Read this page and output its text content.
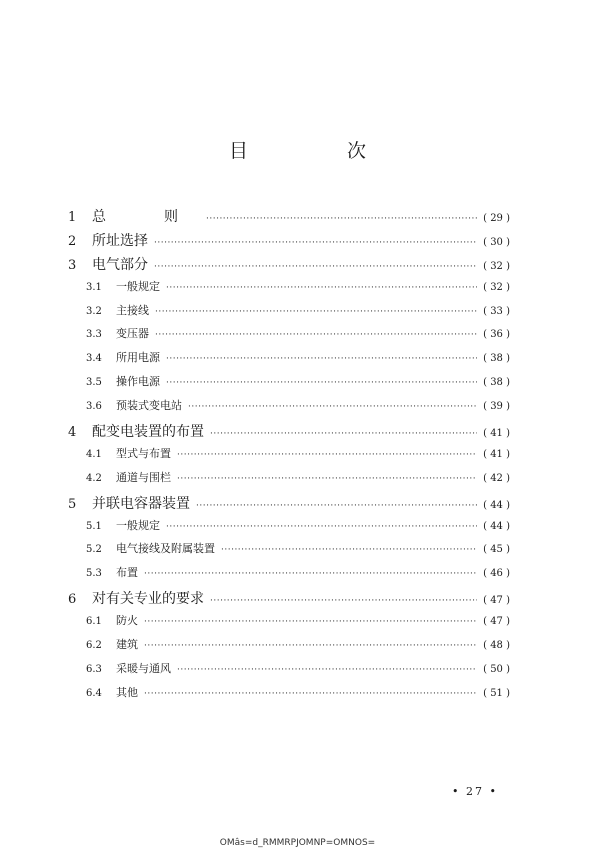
目　次
1	总　则 ·····	( 29 )
2	所址选择 ·····	( 30 )
3	电气部分 ·····	( 32 )
3.1	一般规定 ·····	( 32 )
3.2	主接线 ·····	( 33 )
3.3	变压器 ·····	( 36 )
3.4	所用电源 ·····	( 38 )
3.5	操作电源 ·····	( 38 )
3.6	预装式变电站 ·····	( 39 )
4	配变电装置的布置 ·····	( 41 )
4.1	型式与布置 ·····	( 41 )
4.2	通道与围栏 ·····	( 42 )
5	并联电容器装置 ·····	( 44 )
5.1	一般规定 ·····	( 44 )
5.2	电气接线及附属装置 ·····	( 45 )
5.3	布置 ·····	( 46 )
6	对有关专业的要求 ·····	( 47 )
6.1	防火 ·····	( 47 )
6.2	建筑 ·····	( 48 )
6.3	采暖与通风 ·····	( 50 )
6.4	其他 ·····	( 51 )
• 27 •
OMâs=d_RMMRPJOMNP=OMNOS=
